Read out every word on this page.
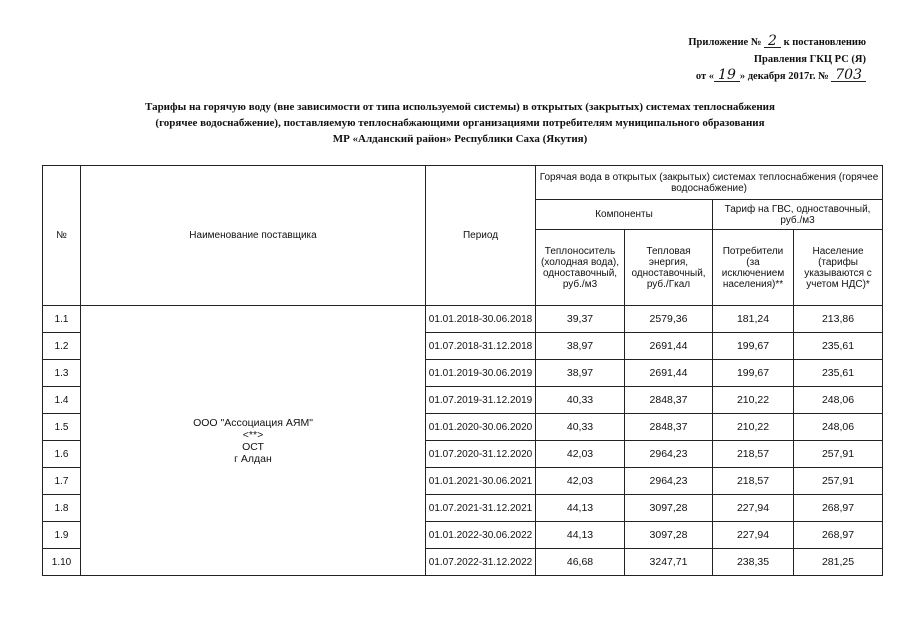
Приложение № 2 к постановлению
Правления ГКЦ РС (Я)
от « 19 » декабря 2017г. № 703
Тарифы на горячую воду (вне зависимости от типа используемой системы) в открытых (закрытых) системах теплоснабжения
(горячее водоснабжение), поставляемую теплоснабжающими организациями потребителям муниципального образования
МР «Алданский район» Республики Саха (Якутия)
№	Наименование поставщика	Период	Горячая вода в открытых (закрытых) системах теплоснабжения (горячее водоснабжение)			
			Компоненты		Тариф на ГВС, одноставочный, руб./м3	
			Теплоноситель (холодная вода), одноставочный, руб./м3	Тепловая энергия, одноставочный, руб./Гкал	Потребители (за исключением населения)**	Население (тарифы указываются с учетом НДС)*
1.1	ООО "Ассоциация АЯМ"
<**>
ОСТ
г Алдан	01.01.2018-30.06.2018	39,37	2579,36	181,24	213,86
1.2		01.07.2018-31.12.2018	38,97	2691,44	199,67	235,61
1.3		01.01.2019-30.06.2019	38,97	2691,44	199,67	235,61
1.4		01.07.2019-31.12.2019	40,33	2848,37	210,22	248,06
1.5		01.01.2020-30.06.2020	40,33	2848,37	210,22	248,06
1.6		01.07.2020-31.12.2020	42,03	2964,23	218,57	257,91
1.7		01.01.2021-30.06.2021	42,03	2964,23	218,57	257,91
1.8		01.07.2021-31.12.2021	44,13	3097,28	227,94	268,97
1.9		01.01.2022-30.06.2022	44,13	3097,28	227,94	268,97
1.10		01.07.2022-31.12.2022	46,68	3247,71	238,35	281,25
